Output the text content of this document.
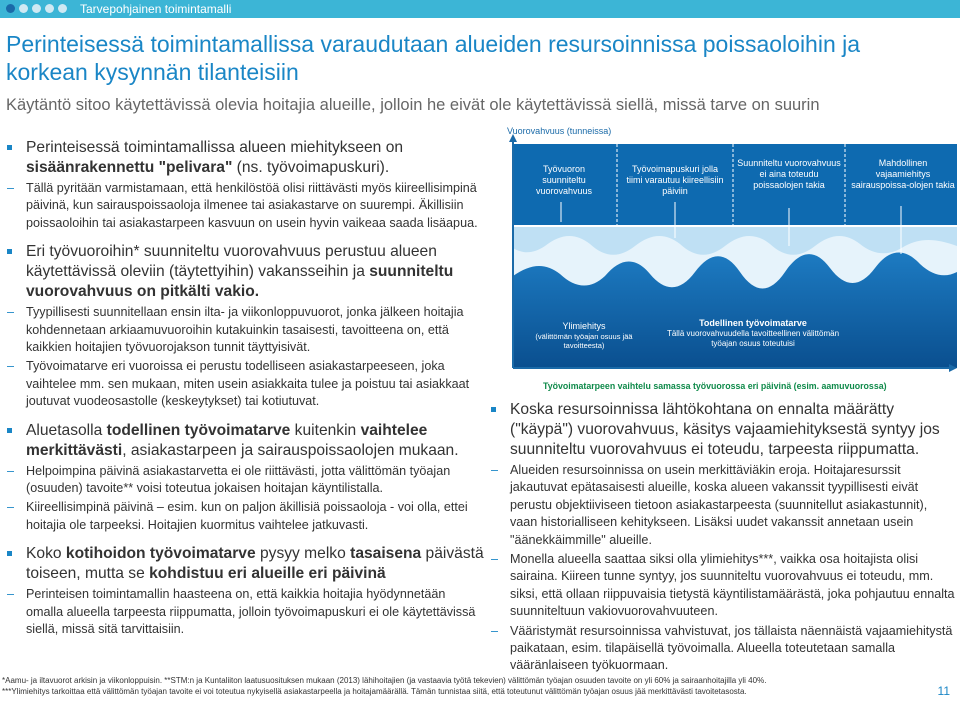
Tarvepohjainen toimintamalli
Perinteisessä toimintamallissa varaudutaan alueiden resursoinnissa poissaoloihin ja korkean kysynnän tilanteisiin
Käytäntö sitoo käytettävissä olevia hoitajia alueille, jolloin he eivät ole käytettävissä siellä, missä tarve on suurin

Perinteisessä toimintamallissa alueen miehitykseen on sisäänrakennettu "pelivara" (ns. työvoimapuskuri).

– Tällä pyritään varmistamaan, että henkilöstöä olisi riittävästi myös kiireellisimpinä päivinä, kun sairauspoissaoloja ilmenee tai asiakastarve on suurempi. Äkillisiin poissaoloihin tai asiakastarpeen kasvuun on usein hyvin vaikeaa saada lisäapua.

Eri työvuoroihin* suunniteltu vuorovahvuus perustuu alueen käytettävissä oleviin (täytettyihin) vakansseihin ja suunniteltu vuorovahvuus on pitkälti vakio.

– Tyypillisesti suunnitellaan ensin ilta- ja viikonloppuvuorot, jonka jälkeen hoitajia kohdennetaan arkiaamuvuoroihin kutakuinkin tasaisesti, tavoitteena on, että kaikkien hoitajien työvuorojakson tunnit täyttyisivät.

– Työvoimatarve eri vuoroissa ei perustu todelliseen asiakastarpeeseen, joka vaihtelee mm. sen mukaan, miten usein asiakkaita tulee ja poistuu tai asiakkaat joutuvat vuodeosastolle (keskeytykset) tai kotiutuvat.

Aluetasolla todellinen työvoimatarve kuitenkin vaihtelee merkittävästi, asiakastarpeen ja sairauspoissaolojen mukaan.

– Helpoimpina päivinä asiakastarvetta ei ole riittävästi, jotta välittömän työajan (osuuden) tavoite** voisi toteutua jokaisen hoitajan käyntilistalla.

– Kiireellisimpinä päivinä – esim. kun on paljon äkillisiä poissaoloja - voi olla, ettei hoitajia ole tarpeeksi. Hoitajien kuormitus vaihtelee jatkuvasti.

Koko kotihoidon työvoimatarve pysyy melko tasaisena päivästä toiseen, mutta se kohdistuu eri alueille eri päivinä

– Perinteisen toimintamallin haasteena on, että kaikkia hoitajia hyödynnetään omalla alueella tarpeesta riippumatta, jolloin työvoimapuskuri ei ole käytettävissä siellä, missä sitä tarvittaisiin.

Vuorovahvuus (tunneissa)
Työvuoron suunniteltu vuorovahvuus
Työvoimapuskuri jolla tiimi varautuu kiireellisiin päiviin
Suunniteltu vuorovahvuus ei aina toteudu poissaolojen takia
Mahdollinen vajaamiehitys sairauspoissa-olojen takia
Ylimiehitys
(välittömän työajan osuus jää tavoitteesta)
Todellinen työvoimatarve
Tällä vuorovahvuudella tavoitteellinen välittömän työajan osuus toteutuisi
Työvoimatarpeen vaihtelu samassa työvuorossa eri päivinä (esim. aamuvuorossa)

Koska resursoinnissa lähtökohtana on ennalta määrätty ("käypä") vuorovahvuus, käsitys vajaamiehityksestä syntyy jos suunniteltu vuorovahvuus ei toteudu, tarpeesta riippumatta.

– Alueiden resursoinnissa on usein merkittäviäkin eroja. Hoitajaresurssit jakautuvat epätasaisesti alueille, koska alueen vakanssit tyypillisesti eivät perustu objektiiviseen tietoon asiakastarpeesta (suunnitellut asiakastunnit), vaan historialliseen kehitykseen. Lisäksi uudet vakanssit annetaan usein "äänekkäimmille" alueille.

– Monella alueella saattaa siksi olla ylimiehitys***, vaikka osa hoitajista olisi sairaina. Kiireen tunne syntyy, jos suunniteltu vuorovahvuus ei toteudu, mm. siksi, että ollaan riippuvaisia tietystä käyntilistamäärästä, joka pohjautuu ennalta suunniteltuun vakiovuorovahvuuteen.

– Vääristymät resursoinnissa vahvistuvat, jos tällaista näennäistä vajaamiehitystä paikataan, esim. tilapäisellä työvoimalla. Alueella toteutetaan samalla vääränlaiseen työkuormaan.

*Aamu- ja iltavuorot arkisin ja viikonloppuisin. **STM:n ja Kuntaliiton laatusuosituksen mukaan (2013) lähihoitajien (ja vastaavia työtä tekevien) välittömän työajan osuuden tavoite on yli 60% ja sairaanhoitajilla yli 40%.
***Ylimiehitys tarkoittaa että välittömän työajan tavoite ei voi toteutua nykyisellä asiakastarpeella ja hoitajamäärällä. Tämän tunnistaa siitä, että toteutunut välittömän työajan osuus jää merkittävästi tavoitetasosta.	11
